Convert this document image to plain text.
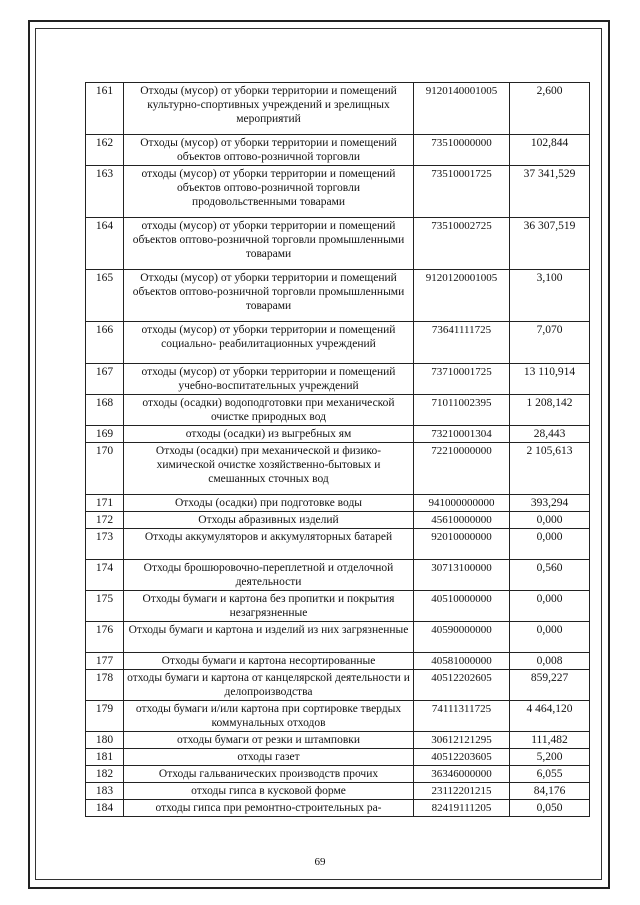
161	Отходы (мусор) от уборки территории и помещений культурно-спортивных учреждений и зрелищных мероприятий	9120140001005	2,600
162	Отходы (мусор) от уборки территории и помещений объектов оптово-розничной торговли	73510000000	102,844
163	отходы (мусор) от уборки территории и помещений объектов оптово-розничной торговли продовольственными товарами	73510001725	37 341,529
164	отходы (мусор) от уборки территории и помещений объектов оптово-розничной торговли промышленными товарами	73510002725	36 307,519
165	Отходы (мусор) от уборки территории и помещений объектов оптово-розничной торговли промышленными товарами	9120120001005	3,100
166	отходы (мусор) от уборки территории и помещений социально- реабилитационных учреждений	73641111725	7,070
167	отходы (мусор) от уборки территории и помещений учебно-воспитательных учреждений	73710001725	13 110,914
168	отходы (осадки) водоподготовки при механической очистке природных вод	71011002395	1 208,142
169	отходы (осадки) из выгребных ям	73210001304	28,443
170	Отходы (осадки) при механической и физико-химической очистке хозяйственно-бытовых и смешанных сточных вод	72210000000	2 105,613
171	Отходы (осадки) при подготовке воды	941000000000	393,294
172	Отходы абразивных изделий	45610000000	0,000
173	Отходы аккумуляторов и аккумуляторных батарей	92010000000	0,000
174	Отходы брошюровочно-переплетной и отделочной деятельности	30713100000	0,560
175	Отходы бумаги и картона без пропитки и покрытия незагрязненные	40510000000	0,000
176	Отходы бумаги и картона и изделий из них загрязненные	40590000000	0,000
177	Отходы бумаги и картона несортированные	40581000000	0,008
178	отходы бумаги и картона от канцелярской деятельности и делопроизводства	40512202605	859,227
179	отходы бумаги и/или картона при сортировке твердых коммунальных отходов	74111311725	4 464,120
180	отходы бумаги от резки и штамповки	30612121295	111,482
181	отходы газет	40512203605	5,200
182	Отходы гальванических производств прочих	36346000000	6,055
183	отходы гипса в кусковой форме	23112201215	84,176
184	отходы гипса при ремонтно-строительных ра-	82419111205	0,050
69
